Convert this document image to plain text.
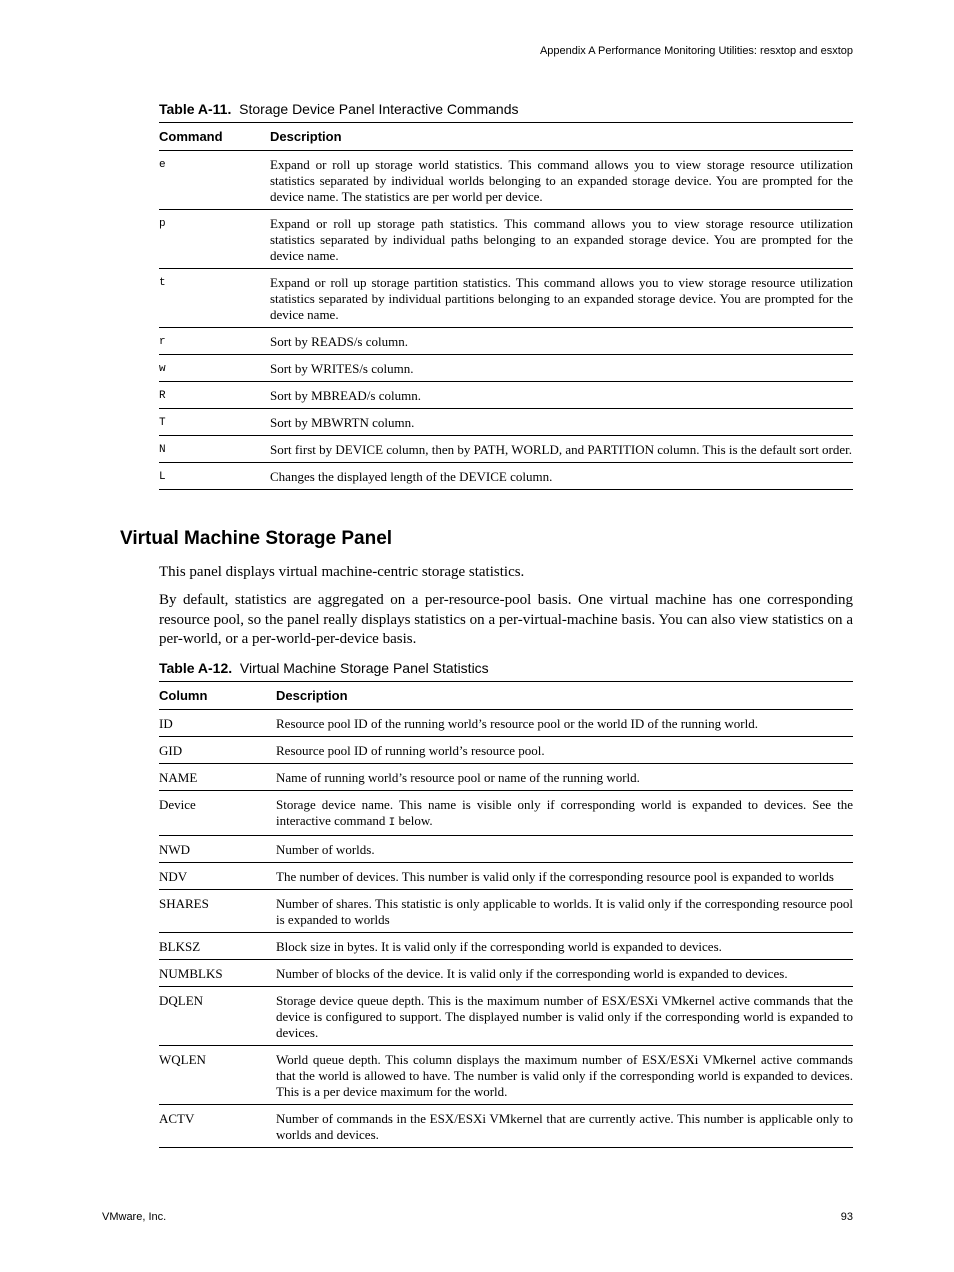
Appendix A Performance Monitoring Utilities: resxtop and esxtop
Table A-11. Storage Device Panel Interactive Commands
Command	Description
e	Expand or roll up storage world statistics. This command allows you to view storage resource utilization statistics separated by individual worlds belonging to an expanded storage device. You are prompted for the device name. The statistics are per world per device.
p	Expand or roll up storage path statistics. This command allows you to view storage resource utilization statistics separated by individual paths belonging to an expanded storage device. You are prompted for the device name.
t	Expand or roll up storage partition statistics. This command allows you to view storage resource utilization statistics separated by individual partitions belonging to an expanded storage device. You are prompted for the device name.
r	Sort by READS/s column.
w	Sort by WRITES/s column.
R	Sort by MBREAD/s column.
T	Sort by MBWRTN column.
N	Sort first by DEVICE column, then by PATH, WORLD, and PARTITION column. This is the default sort order.
L	Changes the displayed length of the DEVICE column.
Virtual Machine Storage Panel

This panel displays virtual machine-centric storage statistics.

By default, statistics are aggregated on a per-resource-pool basis. One virtual machine has one corresponding resource pool, so the panel really displays statistics on a per-virtual-machine basis. You can also view statistics on a per-world, or a per-world-per-device basis.

Table A-12. Virtual Machine Storage Panel Statistics
Column	Description
ID	Resource pool ID of the running world’s resource pool or the world ID of the running world.
GID	Resource pool ID of running world’s resource pool.
NAME	Name of running world’s resource pool or name of the running world.
Device	Storage device name. This name is visible only if corresponding world is expanded to devices. See the interactive command I below.
NWD	Number of worlds.
NDV	The number of devices. This number is valid only if the corresponding resource pool is expanded to worlds
SHARES	Number of shares. This statistic is only applicable to worlds. It is valid only if the corresponding resource pool is expanded to worlds
BLKSZ	Block size in bytes. It is valid only if the corresponding world is expanded to devices.
NUMBLKS	Number of blocks of the device. It is valid only if the corresponding world is expanded to devices.
DQLEN	Storage device queue depth. This is the maximum number of ESX/ESXi VMkernel active commands that the device is configured to support. The displayed number is valid only if the corresponding world is expanded to devices.
WQLEN	World queue depth. This column displays the maximum number of ESX/ESXi VMkernel active commands that the world is allowed to have. The number is valid only if the corresponding world is expanded to devices. This is a per device maximum for the world.
ACTV	Number of commands in the ESX/ESXi VMkernel that are currently active. This number is applicable only to worlds and devices.
VMware, Inc.	93
